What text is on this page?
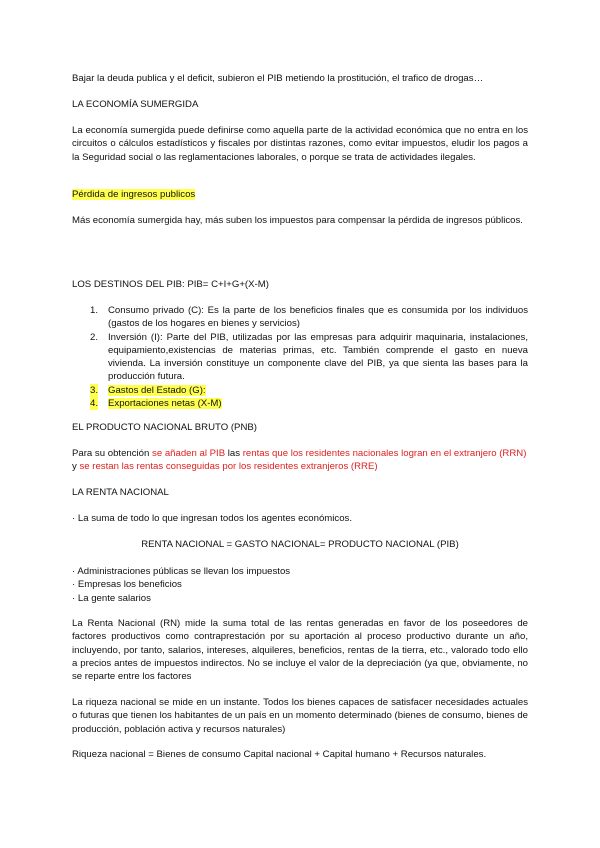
Bajar la deuda publica y el deficit, subieron el PIB metiendo la prostitución, el trafico de drogas…

LA ECONOMÍA SUMERGIDA

La economía sumergida puede definirse como aquella parte de la actividad económica que no entra en los circuitos o cálculos estadísticos y fiscales por distintas razones, como evitar impuestos, eludir los pagos a la Seguridad social o las reglamentaciones laborales, o porque se trata de actividades ilegales.

Pérdida de ingresos publicos

Más economía sumergida hay, más suben los impuestos para compensar la pérdida de ingresos públicos.

LOS DESTINOS DEL PIB: PIB= C+I+G+(X-M)

1. Consumo privado (C): Es la parte de los beneficios finales que es consumida por los individuos (gastos de los hogares en bienes y servicios)
2. Inversión (I): Parte del PIB, utilizadas por las empresas para adquirir maquinaria, instalaciones, equipamiento,existencias de materias primas, etc. También comprende el gasto en nueva vivienda. La inversión constituye un componente clave del PIB, ya que sienta las bases para la producción futura.
3. Gastos del Estado (G):
4. Exportaciones netas (X-M)

EL PRODUCTO NACIONAL BRUTO (PNB)

Para su obtención se añaden al PIB las rentas que los residentes nacionales logran en el extranjero (RRN) y se restan las rentas conseguidas por los residentes extranjeros (RRE)

LA RENTA NACIONAL

· La suma de todo lo que ingresan todos los agentes económicos.

RENTA NACIONAL = GASTO NACIONAL= PRODUCTO NACIONAL (PIB)

· Administraciones públicas se llevan los impuestos
· Empresas los beneficios
· La gente salarios

La Renta Nacional (RN) mide la suma total de las rentas generadas en favor de los poseedores de factores productivos como contraprestación por su aportación al proceso productivo durante un año, incluyendo, por tanto, salarios, intereses, alquileres, beneficios, rentas de la tierra, etc., valorado todo ello a precios antes de impuestos indirectos. No se incluye el valor de la depreciación (ya que, obviamente, no se reparte entre los factores

La riqueza nacional se mide en un instante. Todos los bienes capaces de satisfacer necesidades actuales o futuras que tienen los habitantes de un país en un momento determinado (bienes de consumo, bienes de producción, población activa y recursos naturales)

Riqueza nacional = Bienes de consumo Capital nacional + Capital humano + Recursos naturales.
